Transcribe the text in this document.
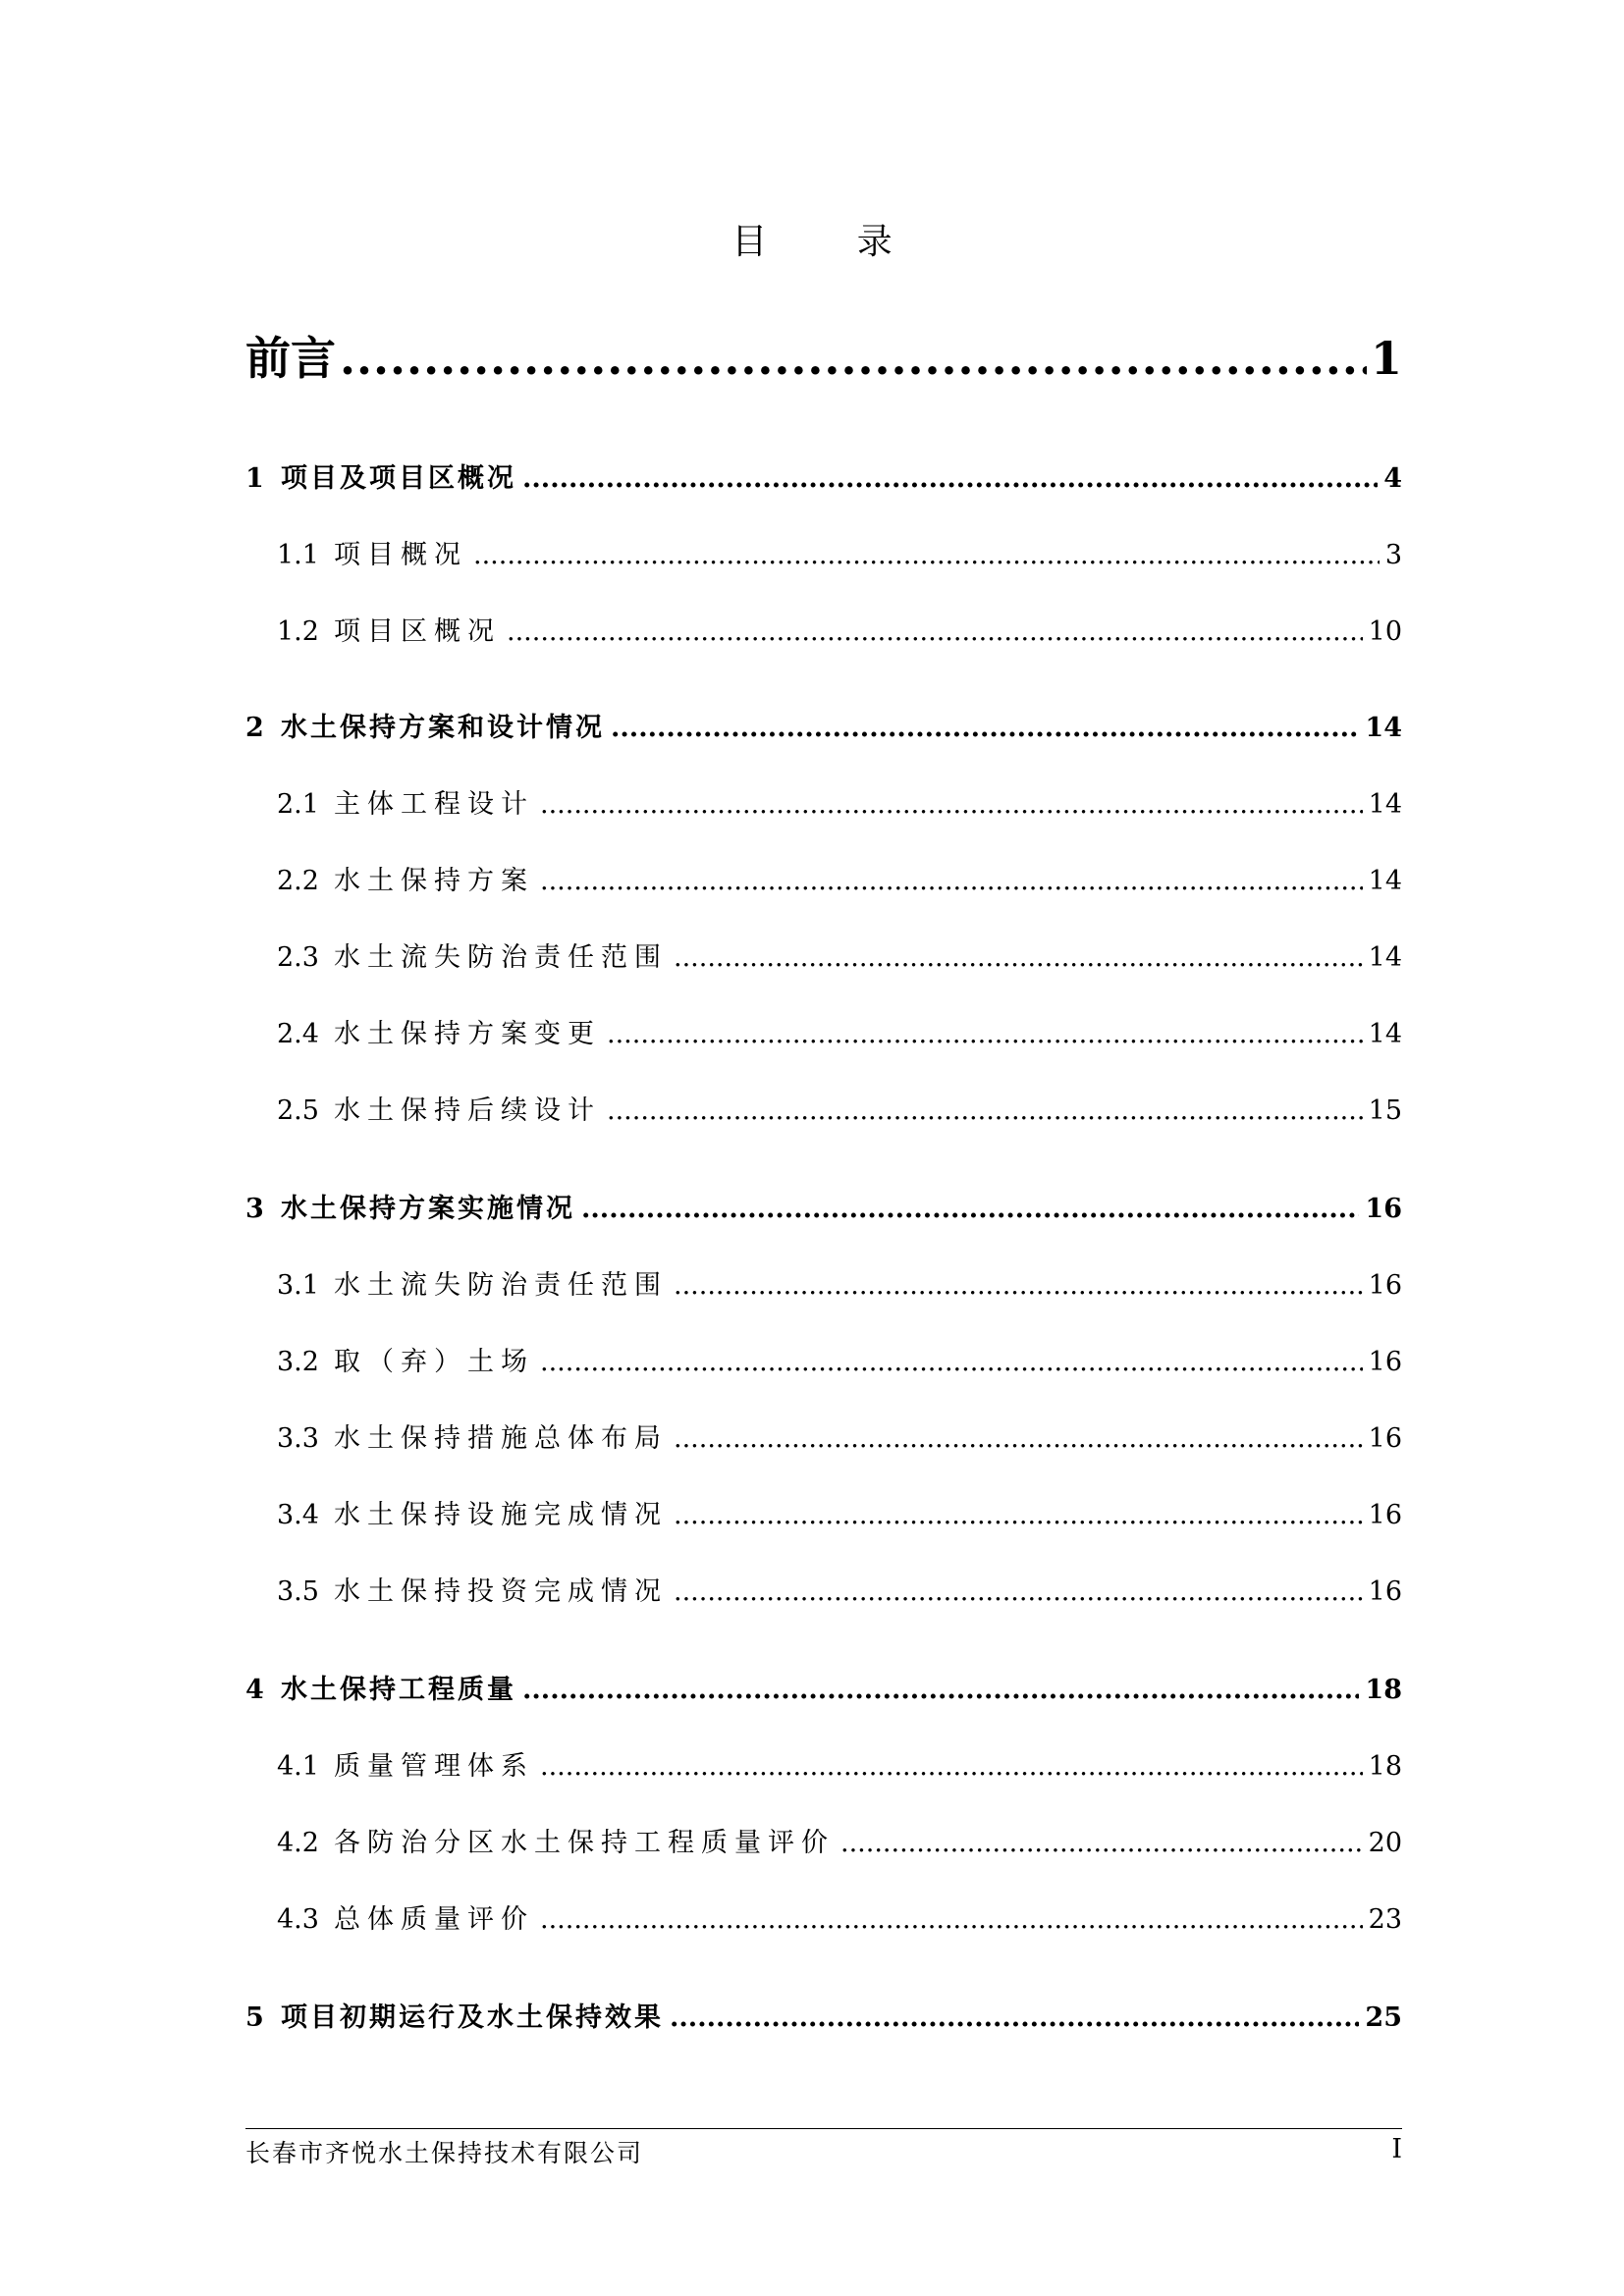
目 录
前言 .....	1
1 项目及项目区概况 .....	4
1.1 项目概况 .....	3
1.2 项目区概况 .....	10
2 水土保持方案和设计情况 .....	14
2.1 主体工程设计 .....	14
2.2 水土保持方案 .....	14
2.3 水土流失防治责任范围 .....	14
2.4 水土保持方案变更 .....	14
2.5 水土保持后续设计 .....	15
3 水土保持方案实施情况 .....	16
3.1 水土流失防治责任范围 .....	16
3.2 取（弃）土场 .....	16
3.3 水土保持措施总体布局 .....	16
3.4 水土保持设施完成情况 .....	16
3.5 水土保持投资完成情况 .....	16
4 水土保持工程质量 .....	18
4.1 质量管理体系 .....	18
4.2 各防治分区水土保持工程质量评价 .....	20
4.3 总体质量评价 .....	23
5 项目初期运行及水土保持效果 .....	25
长春市齐悦水土保持技术有限公司	I
